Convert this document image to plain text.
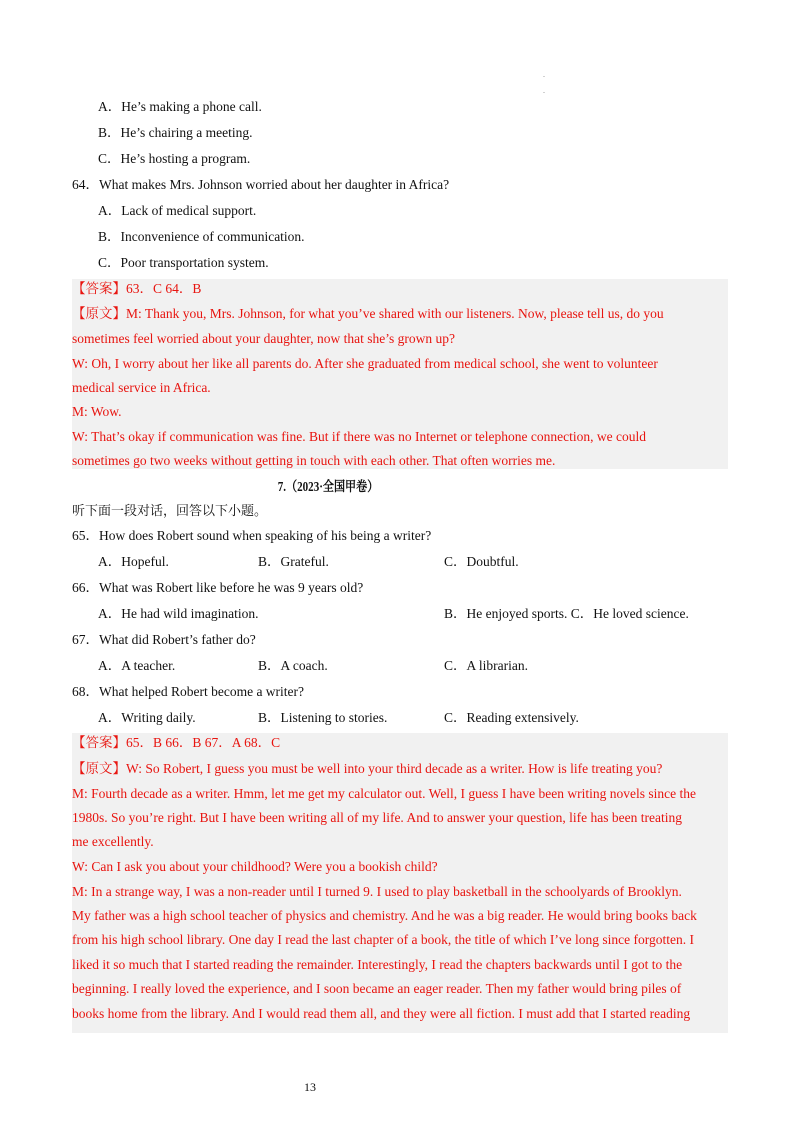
.
.
A．He’s making a phone call.
B．He’s chairing a meeting.
C．He’s hosting a program.
64．What makes Mrs. Johnson worried about her daughter in Africa?
A．Lack of medical support.
B．Inconvenience of communication.
C．Poor transportation system.
【答案】63．C 64．B
【原文】M: Thank you, Mrs. Johnson, for what you’ve shared with our listeners. Now, please tell us, do you
sometimes feel worried about your daughter, now that she’s grown up?
W: Oh, I worry about her like all parents do. After she graduated from medical school, she went to volunteer
medical service in Africa.
M: Wow.
W: That’s okay if communication was fine. But if there was no Internet or telephone connection, we could
sometimes go two weeks without getting in touch with each other. That often worries me.
7.（2023·全国甲卷）
听下面一段对话，回答以下小题。
65．How does Robert sound when speaking of his being a writer?
A．Hopeful.	B．Grateful.	C．Doubtful.
66．What was Robert like before he was 9 years old?
A．He had wild imagination.	B．He enjoyed sports. C．He loved science.
67．What did Robert’s father do?
A．A teacher.	B．A coach.	C．A librarian.
68．What helped Robert become a writer?
A．Writing daily.	B．Listening to stories.	C．Reading extensively.
【答案】65．B 66．B 67．A 68．C
【原文】W: So Robert, I guess you must be well into your third decade as a writer. How is life treating you?
M: Fourth decade as a writer. Hmm, let me get my calculator out. Well, I guess I have been writing novels since the
1980s. So you’re right. But I have been writing all of my life. And to answer your question, life has been treating
me excellently.
W: Can I ask you about your childhood? Were you a bookish child?
M: In a strange way, I was a non-reader until I turned 9. I used to play basketball in the schoolyards of Brooklyn.
My father was a high school teacher of physics and chemistry. And he was a big reader. He would bring books back
from his high school library. One day I read the last chapter of a book, the title of which I’ve long since forgotten. I
liked it so much that I started reading the remainder. Interestingly, I read the chapters backwards until I got to the
beginning. I really loved the experience, and I soon became an eager reader. Then my father would bring piles of
books home from the library. And I would read them all, and they were all fiction. I must add that I started reading
13
